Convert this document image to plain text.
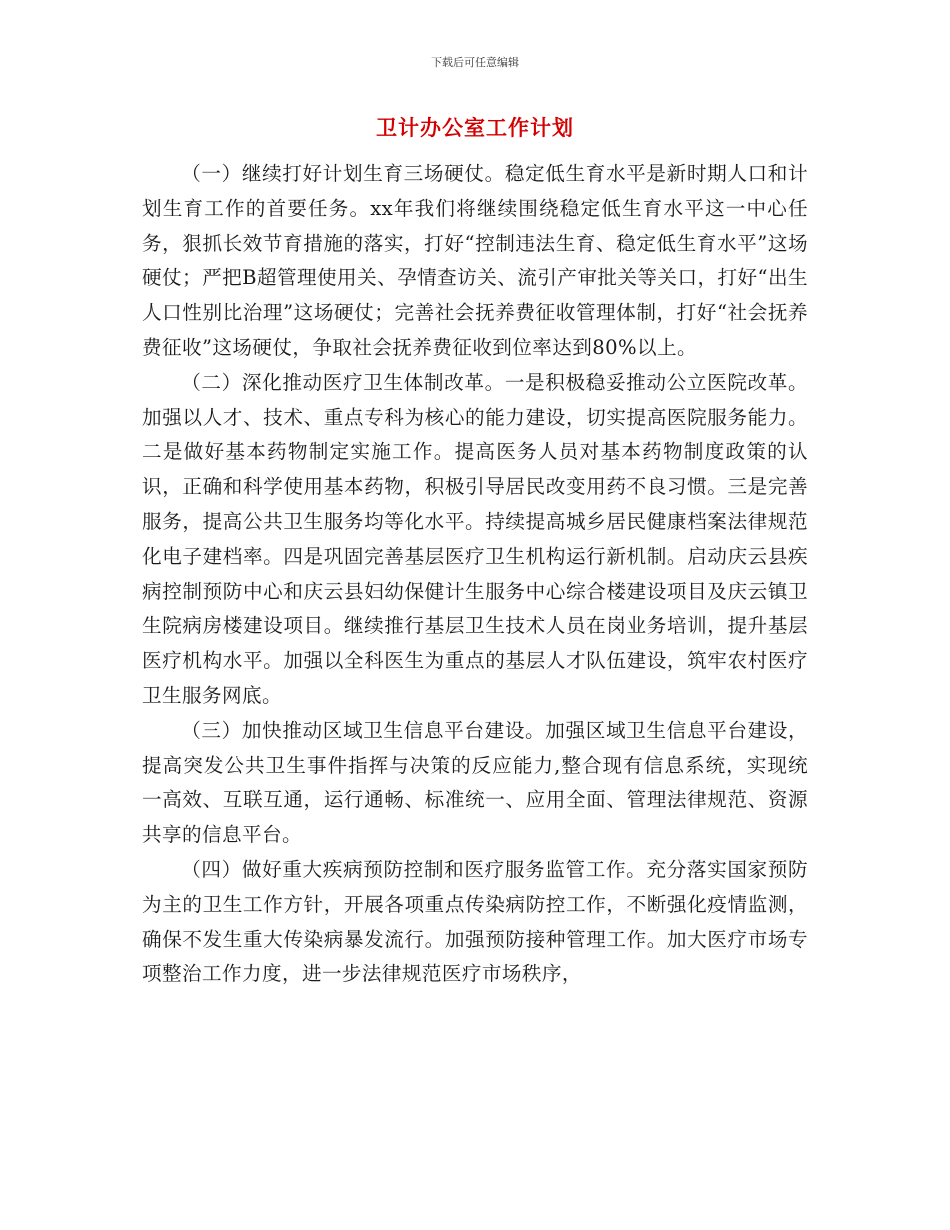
下载后可任意编辑
卫计办公室工作计划

（一）继续打好计划生育三场硬仗。稳定低生育水平是新时期人口和计划生育工作的首要任务。xx年我们将继续围绕稳定低生育水平这一中心任务，狠抓长效节育措施的落实，打好“控制违法生育、稳定低生育水平”这场硬仗；严把B超管理使用关、孕情查访关、流引产审批关等关口，打好“出生人口性别比治理”这场硬仗；完善社会抚养费征收管理体制，打好“社会抚养费征收”这场硬仗，争取社会抚养费征收到位率达到80%以上。

（二）深化推动医疗卫生体制改革。一是积极稳妥推动公立医院改革。加强以人才、技术、重点专科为核心的能力建设，切实提高医院服务能力。二是做好基本药物制定实施工作。提高医务人员对基本药物制度政策的认识，正确和科学使用基本药物，积极引导居民改变用药不良习惯。三是完善服务，提高公共卫生服务均等化水平。持续提高城乡居民健康档案法律规范化电子建档率。四是巩固完善基层医疗卫生机构运行新机制。启动庆云县疾病控制预防中心和庆云县妇幼保健计生服务中心综合楼建设项目及庆云镇卫生院病房楼建设项目。继续推行基层卫生技术人员在岗业务培训，提升基层医疗机构水平。加强以全科医生为重点的基层人才队伍建设，筑牢农村医疗卫生服务网底。

（三）加快推动区域卫生信息平台建设。加强区域卫生信息平台建设，提高突发公共卫生事件指挥与决策的反应能力,整合现有信息系统，实现统一高效、互联互通，运行通畅、标准统一、应用全面、管理法律规范、资源共享的信息平台。

（四）做好重大疾病预防控制和医疗服务监管工作。充分落实国家预防为主的卫生工作方针，开展各项重点传染病防控工作，不断强化疫情监测，确保不发生重大传染病暴发流行。加强预防接种管理工作。加大医疗市场专项整治工作力度，进一步法律规范医疗市场秩序，
